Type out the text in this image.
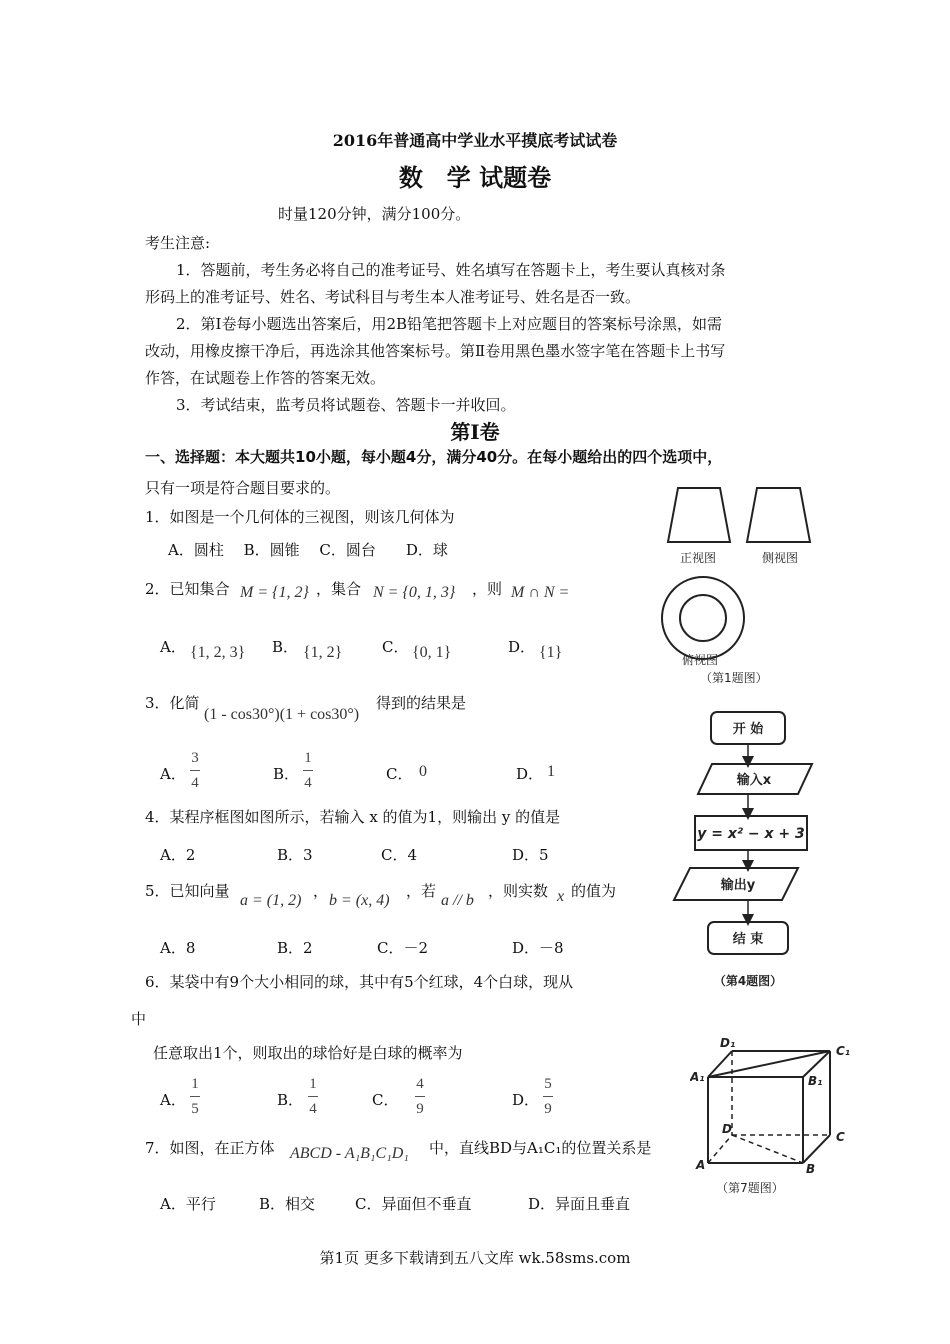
2016年普通高中学业水平摸底考试试卷
数　学 试题卷
时量120分钟，满分100分。
考生注意:
1．答题前，考生务必将自己的准考证号、姓名填写在答题卡上，考生要认真核对条
形码上的准考证号、姓名、考试科目与考生本人准考证号、姓名是否一致。
2．第Ⅰ卷每小题选出答案后，用2B铅笔把答题卡上对应题目的答案标号涂黑，如需
改动，用橡皮擦干净后，再选涂其他答案标号。第Ⅱ卷用黑色墨水签字笔在答题卡上书写
作答，在试题卷上作答的答案无效。
3．考试结束，监考员将试题卷、答题卡一并收回。
第Ⅰ卷
一、选择题：本大题共10小题，每小题4分，满分40分。在每小题给出的四个选项中，
只有一项是符合题目要求的。
1．如图是一个几何体的三视图，则该几何体为
A．圆柱　 B．圆锥　 C．圆台　　D．球
2．已知集合 M = {1, 2} ，集合 N = {0, 1, 3} ，则 M ∩ N =
A． {1, 2, 3} B． {1, 2}	C． {0, 1}	D． {1}
3．化简
(1 - cos30°)(1 + cos30°)
得到的结果是
A．
3
4	B．
1
4	C． 0	D． 1
4．某程序框图如图所示，若输入 x 的值为1，则输出 y 的值是
A．2	B．3	C．4	D．5
5．已知向量
a = (1, 2)
，
b = (x, 4)
，若
a // b
，则实数 x 的值为
A．8	B．2	C．－2	D．－8
6．某袋中有9个大小相同的球，其中有5个红球，4个白球，现从
中
任意取出1个，则取出的球恰好是白球的概率为
A．
1
5	B．
1
4	C．
4
9	D．
5
9
7．如图，在正方体 ABCD - A₁B₁C₁D₁ 中，直线BD与A₁C₁的位置关系是
A．平行	B．相交	C．异面但不垂直	D．异面且垂直
正视图	侧视图
俯视图
（第1题图）
开 始
输入x
y = x² − x + 3
输出y
结 束
（第4题图）
D₁
C₁
A₁	B₁
D
C
A	B
（第7题图）
第1页 更多下载请到五八文库 wk.58sms.com
